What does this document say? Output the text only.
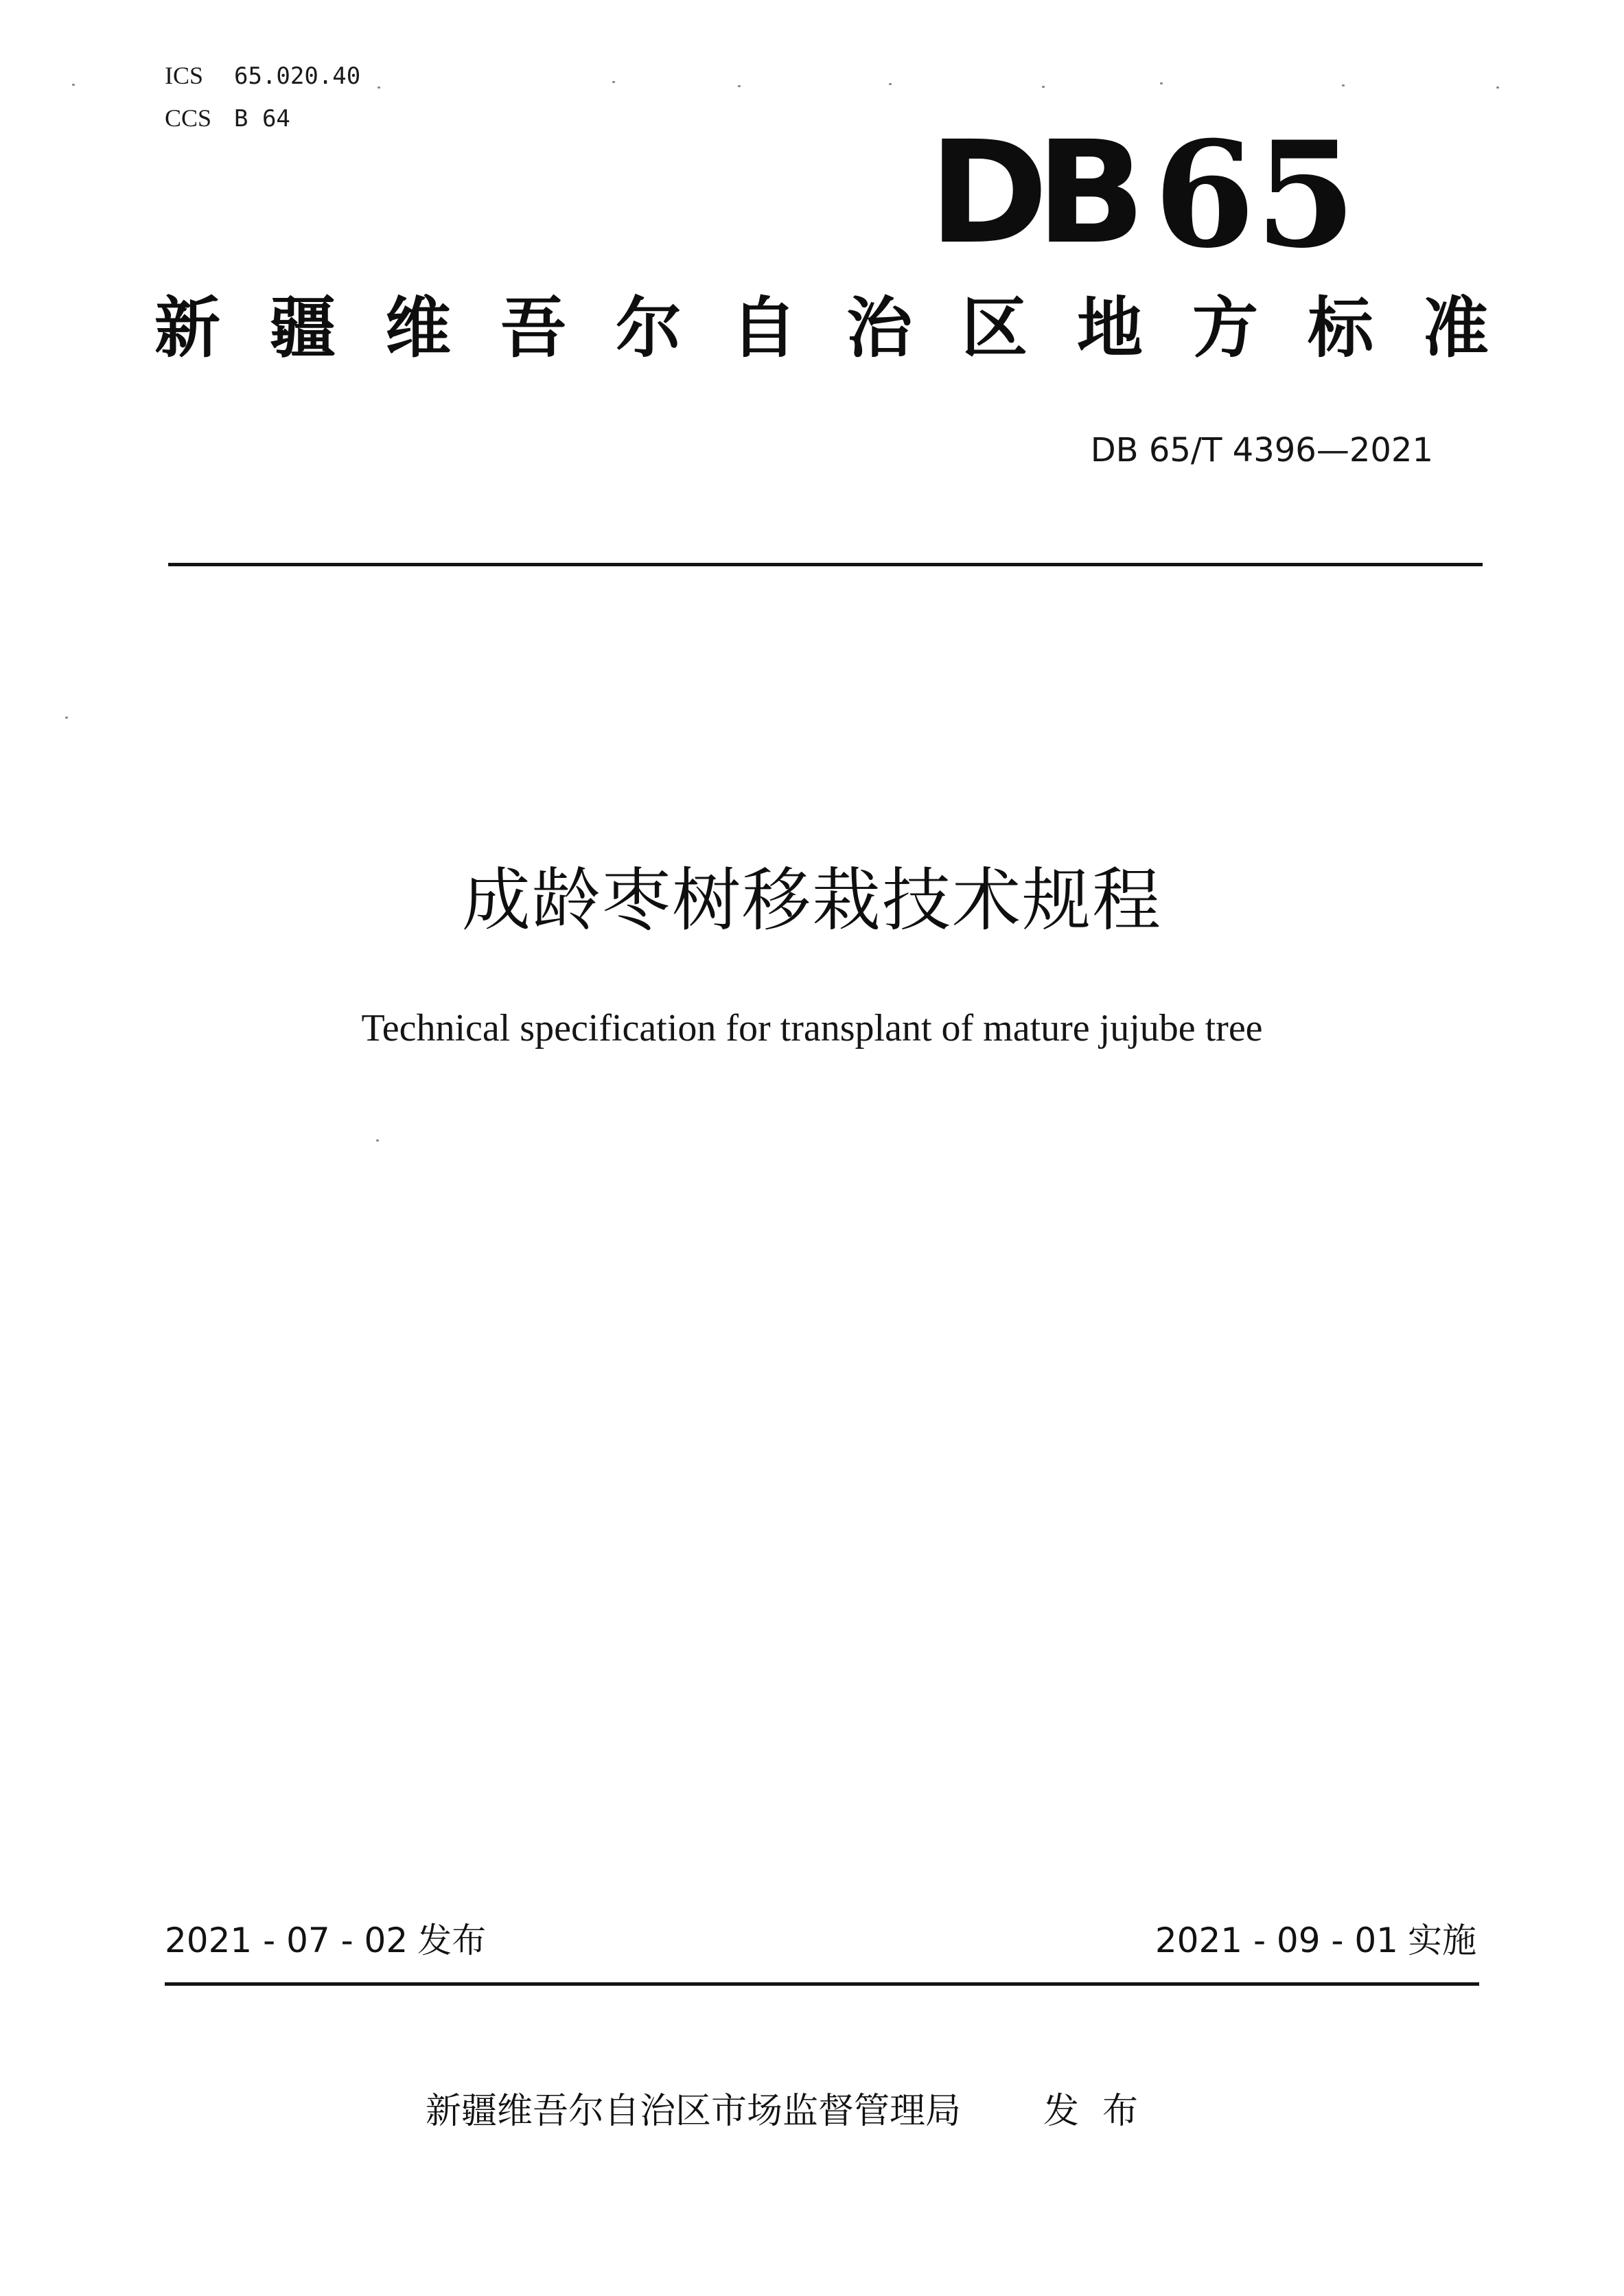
ICS 65.020.40
CCS B 64	DB 65
新疆维吾尔自治区地方标准
DB 65/T 4396—2021
成龄枣树移栽技术规程
Technical specification for transplant of mature jujube tree
2021 - 07 - 02 发布	2021 - 09 - 01 实施
新疆维吾尔自治区市场监督管理局 发布
